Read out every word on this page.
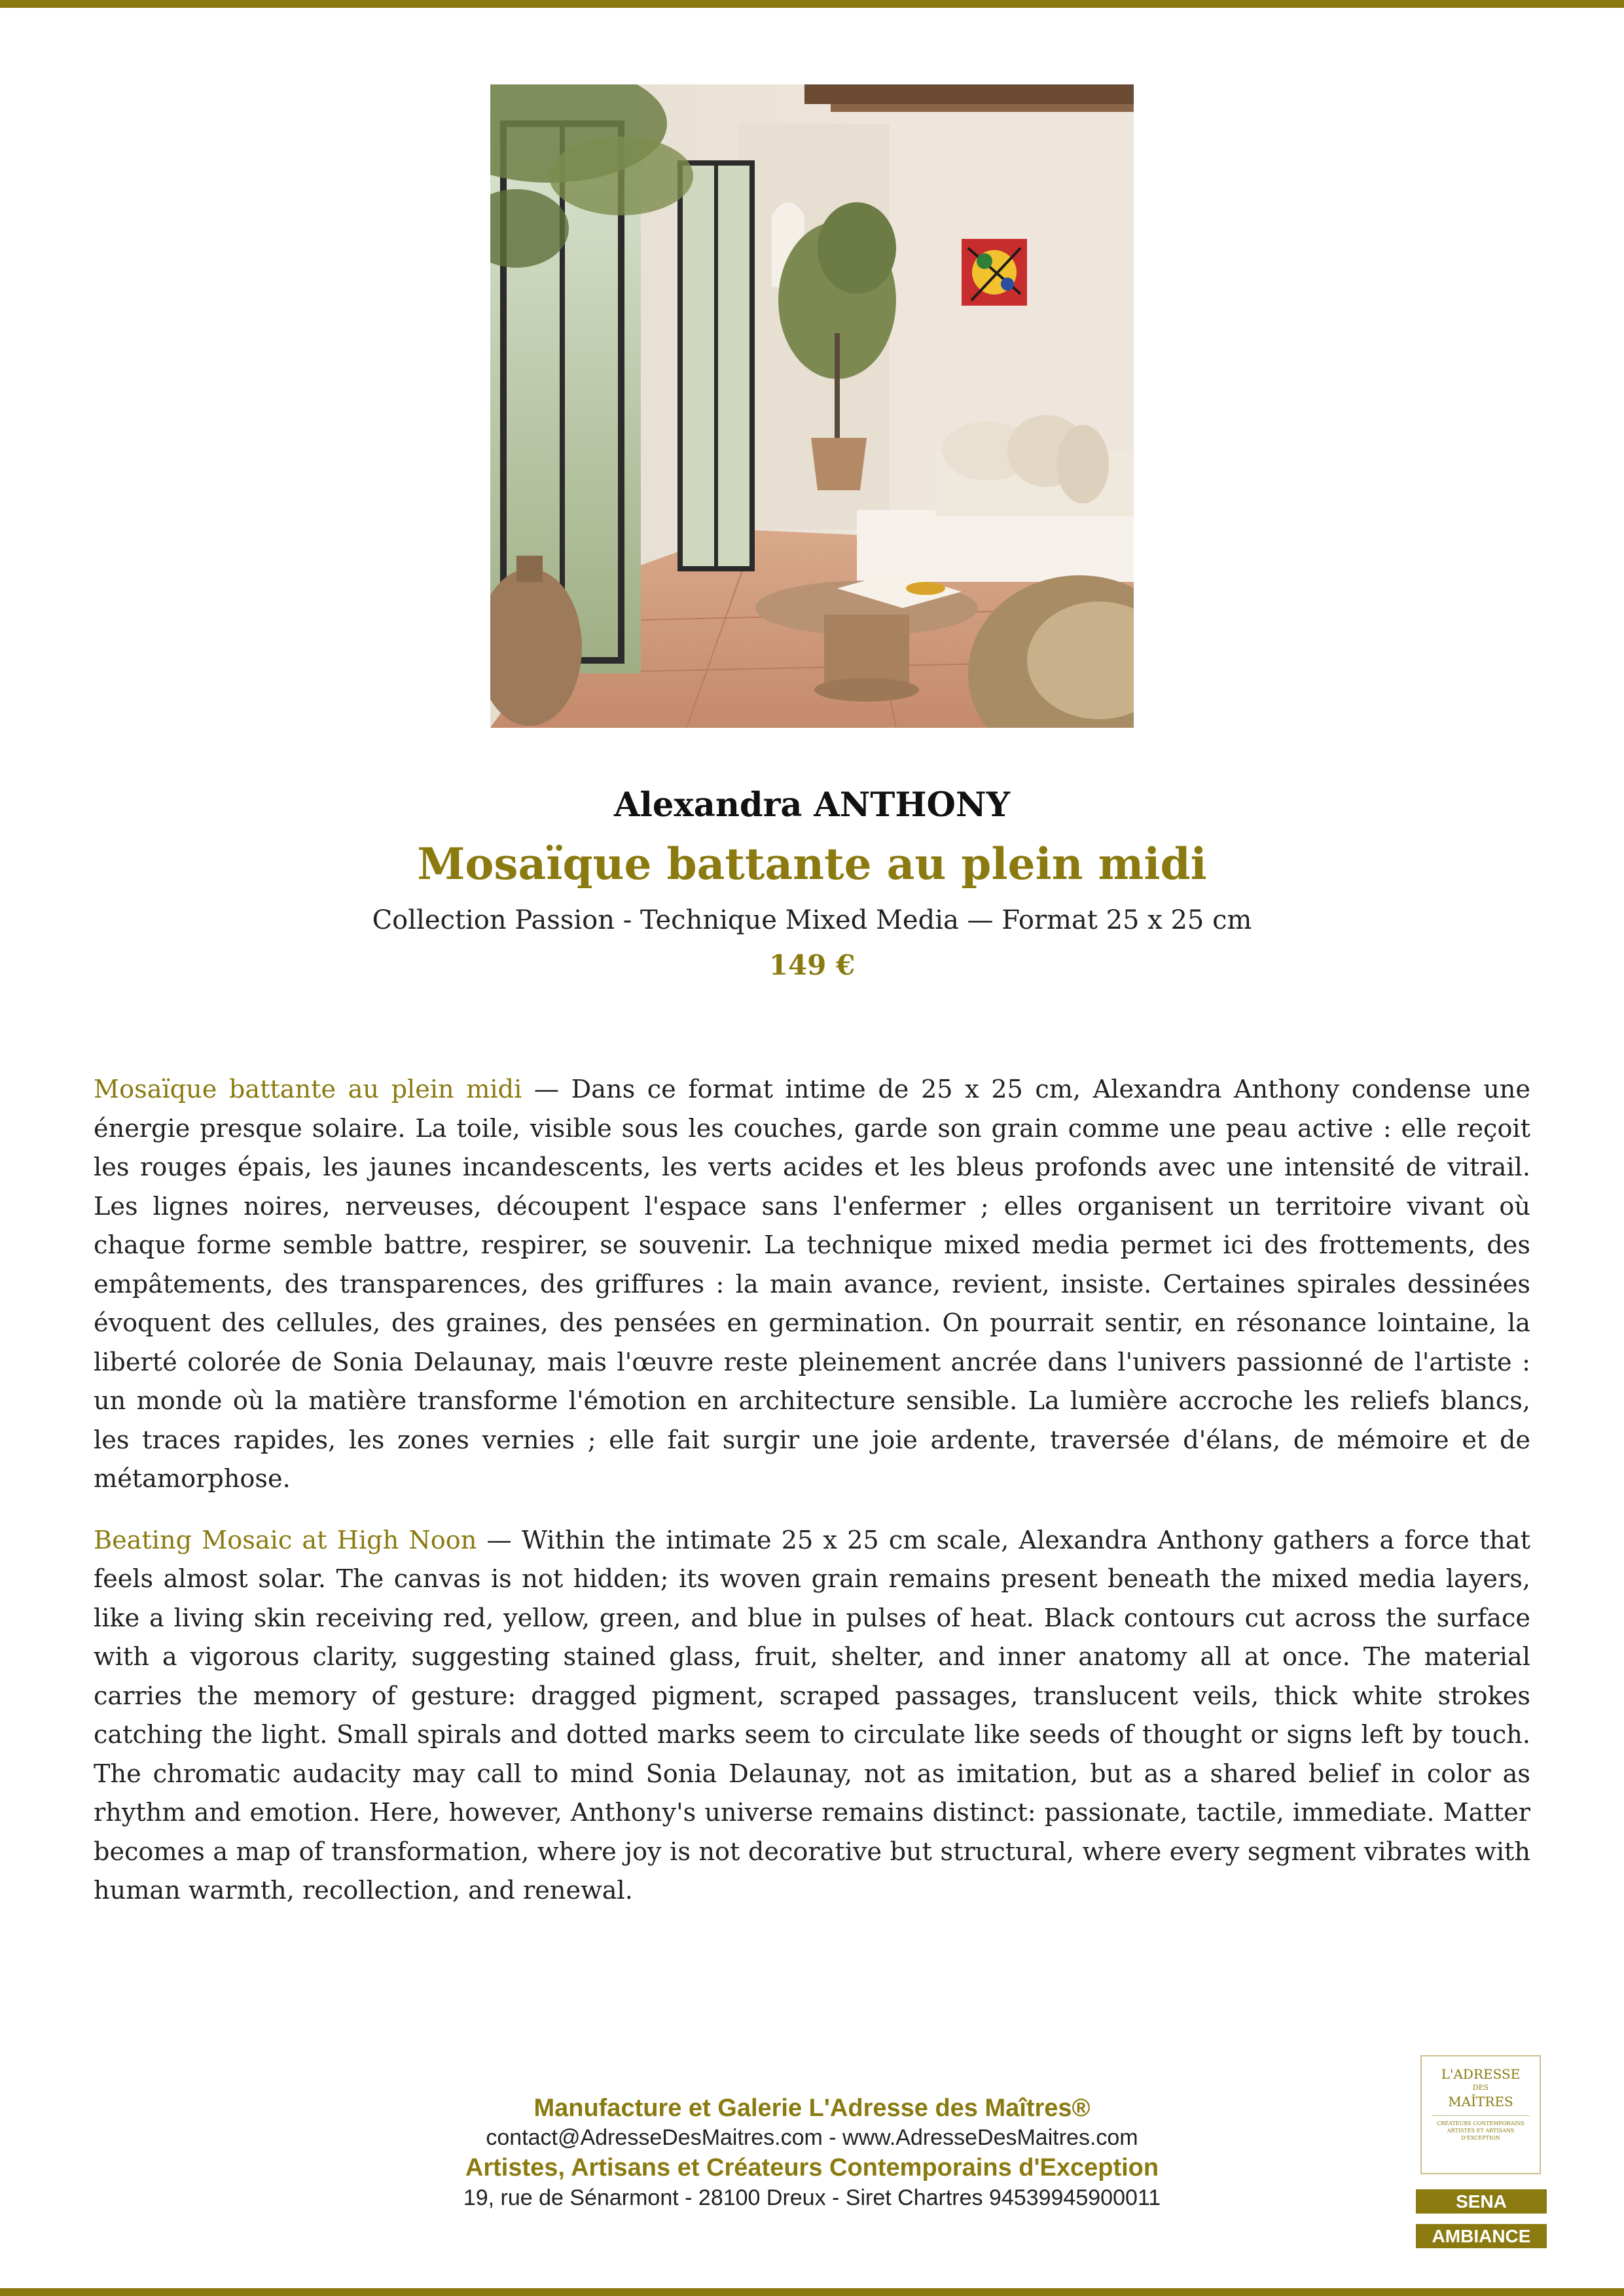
Alexandra ANTHONY

Mosaïque battante au plein midi

Collection Passion - Technique Mixed Media — Format 25 x 25 cm

149 €

Mosaïque battante au plein midi — Dans ce format intime de 25 x 25 cm, Alexandra Anthony condense une énergie presque solaire. La toile, visible sous les couches, garde son grain comme une peau active : elle reçoit les rouges épais, les jaunes incandescents, les verts acides et les bleus profonds avec une intensité de vitrail. Les lignes noires, nerveuses, découpent l'espace sans l'enfermer ; elles organisent un territoire vivant où chaque forme semble battre, respirer, se souvenir. La technique mixed media permet ici des frottements, des empâtements, des transparences, des griffures : la main avance, revient, insiste. Certaines spirales dessinées évoquent des cellules, des graines, des pensées en germination. On pourrait sentir, en résonance lointaine, la liberté colorée de Sonia Delaunay, mais l'œuvre reste pleinement ancrée dans l'univers passionné de l'artiste : un monde où la matière transforme l'émotion en architecture sensible. La lumière accroche les reliefs blancs, les traces rapides, les zones vernies ; elle fait surgir une joie ardente, traversée d'élans, de mémoire et de métamorphose.

Beating Mosaic at High Noon — Within the intimate 25 x 25 cm scale, Alexandra Anthony gathers a force that feels almost solar. The canvas is not hidden; its woven grain remains present beneath the mixed media layers, like a living skin receiving red, yellow, green, and blue in pulses of heat. Black contours cut across the surface with a vigorous clarity, suggesting stained glass, fruit, shelter, and inner anatomy all at once. The material carries the memory of gesture: dragged pigment, scraped passages, translucent veils, thick white strokes catching the light. Small spirals and dotted marks seem to circulate like seeds of thought or signs left by touch. The chromatic audacity may call to mind Sonia Delaunay, not as imitation, but as a shared belief in color as rhythm and emotion. Here, however, Anthony's universe remains distinct: passionate, tactile, immediate. Matter becomes a map of transformation, where joy is not decorative but structural, where every segment vibrates with human warmth, recollection, and renewal.

Manufacture et Galerie L'Adresse des Maîtres®
contact@AdresseDesMaitres.com - www.AdresseDesMaitres.com
Artistes, Artisans et Créateurs Contemporains d'Exception
19, rue de Sénarmont - 28100 Dreux - Siret Chartres 94539945900011
L'ADRESSE
DES
MAÎTRES
CRÉATEURS CONTEMPORAINS ARTISTES ET ARTISANS D'EXCEPTION
SENA
AMBIANCE
